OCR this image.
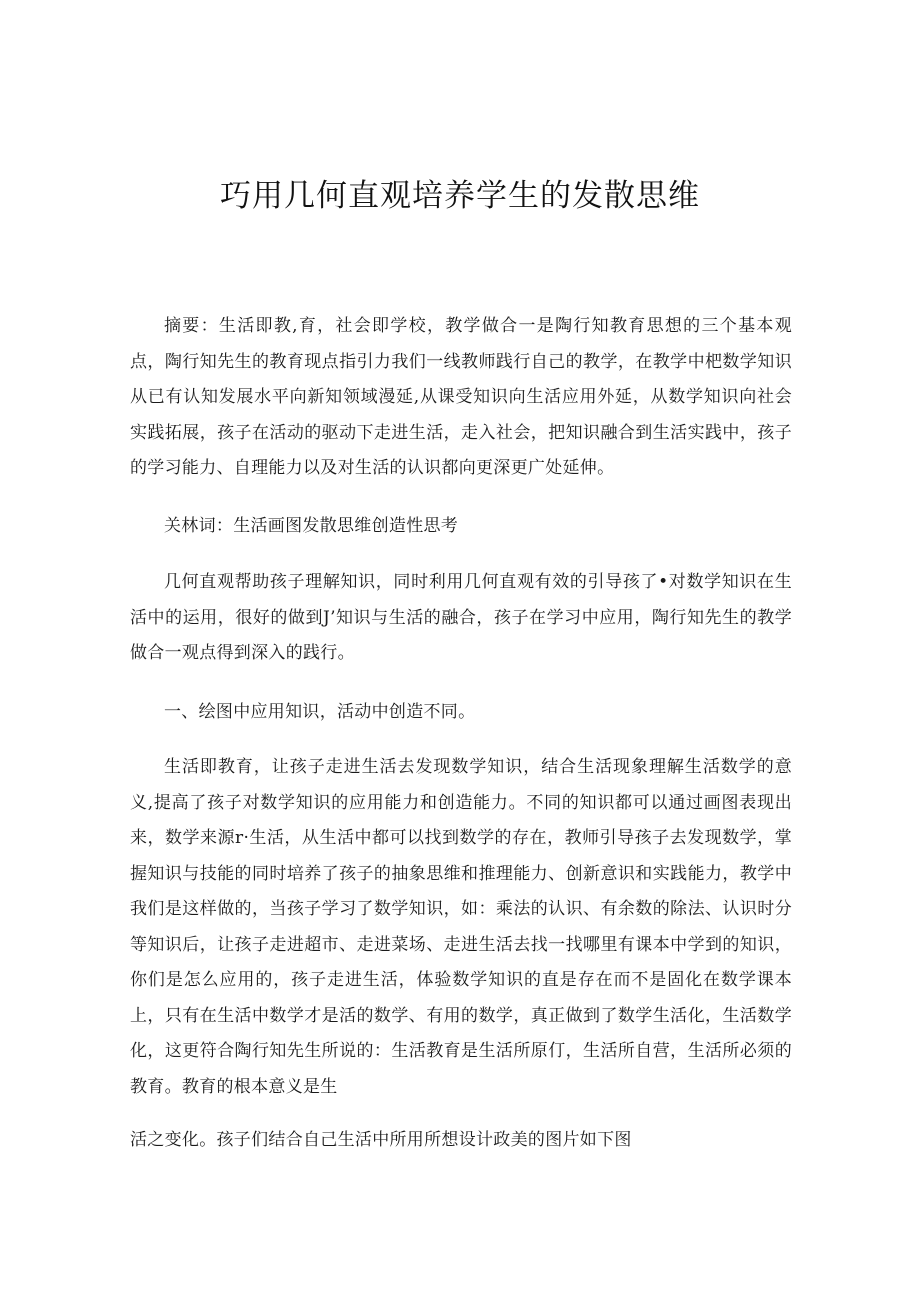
巧用几何直观培养学生的发散思维

摘要：生活即教,育，社会即学校，教学做合一是陶行知教育思想的三个基本观点，陶行知先生的教育现点指引力我们一线教师践行自己的教学，在教学中杷数学知识从已有认知发展水平向新知领域漫延,从课受知识向生活应用外延，从数学知识向社会实践拓展，孩子在活动的驱动下走进生活，走入社会，把知识融合到生活实践中，孩子的学习能力、自理能力以及对生活的认识都向更深更广处延伸。

关林词：生活画图发散思维创造性思考

几何直观帮助孩子理解知识，同时利用几何直观有效的引导孩了•对数学知识在生活中的运用，很好的做到J’知识与生活的融合，孩子在学习中应用，陶行知先生的教学做合一观点得到深入的践行。

一、绘图中应用知识，活动中创造不同。

生活即教育，让孩子走进生活去发现数学知识，结合生活现象理解生活数学的意义,提高了孩子对数学知识的应用能力和创造能力。不同的知识都可以通过画图表现出来，数学来源r·生活，从生活中都可以找到数学的存在，教师引导孩子去发现数学，掌握知识与技能的同时培养了孩子的抽象思维和推理能力、创新意识和实践能力，教学中我们是这样做的，当孩子学习了数学知识，如：乘法的认识、有余数的除法、认识时分等知识后，让孩子走进超市、走进菜场、走进生活去找一找哪里有课本中学到的知识，你们是怎么应用的，孩子走进生活，体验数学知识的直是存在而不是固化在数学课本上，只有在生活中数学才是活的数学、有用的数学，真正做到了数学生活化，生活数学化，这更符合陶行知先生所说的：生活教育是生活所原仃，生活所自营，生活所必须的教育。教育的根本意义是生

活之变化。孩子们结合自己生活中所用所想设计政美的图片如下图
